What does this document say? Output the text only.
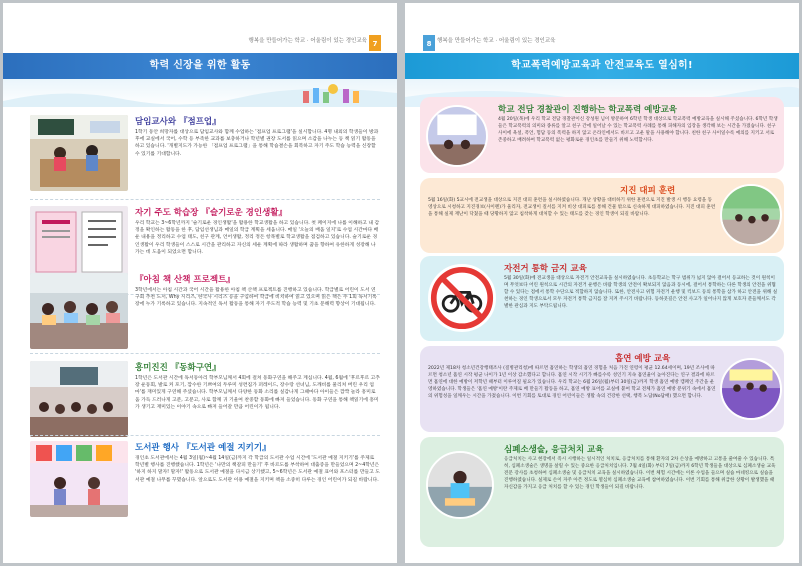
행복을 만들어가는 학교 · 어울림이 있는 경인교육 7
학력 신장을 위한 활동
담임교사와 『점프업』
1학기 동안 희망자를 대상으로 담임교사와 함께 수업하는 '점프업 프로그램'을 실시합니다. 4명 내외의 학생들이 방과 후에 교실에서 국어, 수학 등 부족한 교과를 보충하거나 학년별 권장 도서를 읽으며 소감을 나누는 등 책 읽기 활동을 하고 있습니다. '개별지도가 가능한 「점프업 프로그램」을 통해 학습결손을 회복하고 자기 주도 학습 능력을 신장할 수 있기를 기대합니다.
자기 주도 학습장 『슬기로운 경인생활』
우리 학교는 3~6학년까지 '슬기로운 경인생활'을 활용한 학교생활을 하고 있습니다. 첫 페이지에 나를 이해하고 내 감정을 확인하는 활동을 한 후, 담임선생님과 매일의 학급 계획을 세웁니다. 매일 '오늘의 배움 일지'로 수업 시간마다 배운 내용을 정리하고 수업 태도, 친구 관계, 언어생활, 정리 정돈 항목별로 학교생활을 점검하고 있습니다. 슬기로운 경인생활이 우리 학생들이 스스로 시간을 관리하고 자신의 세운 계획에 따라 생활하며 꿈을 향하여 유한하게 성장해 나가는 데 도움이 되었으면 합니다.
『아침 책 산책 프로젝트』
3학년에서는 아침 시간과 국어 시간을 활용한 아침 책 산책 프로젝트를 진행하고 있습니다. 학급별로 어린이 도서 연구회 추천 도서, Why 시리즈, 한국사 시리즈 등을 구입하여 학급에 비치하여 읽고 있으며 읽은 책은 주 1회 독서기록장에 누가 기록하고 있습니다. 지속적인 독서 활동을 통해 자기 주도적 학습 능력 및 기초 문해력 향상이 기대됩니다.
흥미진진 『동화구연』
1학년은 도서관 시간에 독서동아리 학부모님께서 4회에 걸쳐 동화구연을 해주고 계십니다. 4월, 6월에 '후르후르 고추장 운동회, 발로 커 포기, 깜수한 기쁘여의 두루미 성련집가 퍼레이드, 장수랑 선녀님, 도깨비를 물리쳐 버린 우리 업마'를 재미있게 구연해 주셨습니다. 학부모님께서 다양한 동화 소리를 실감나게 그때마다 아이들은 깜짝 놀라 흥미로움 가득 드러나게 고분, 고분고, 사로 함께 귀 기울여 찬중할 동화에 빠져 들었습니다. 동화 구연을 통해 책읽기에 흥미가 생기고 재미있는 이야기 속으로 빠져 들어갈 만큼 어린이가 됩니다.
도서관 행사 『도서관 예절 지키기』
경인초 도서관에서는 4월 3일(월)~4월 14일(금)까지 각 학급의 도서관 수업 시간에 '도서관 예절 지키기'를 주제로 학년별 행사를 진행했습니다. 1학년은 '나만의 책갈피 만들기' 후 바르도를 부착하여 대출증을 만들었으며 2~4학년은 '하지 하지 말자! 말자!' 활동으로 도서관 예절을 다시금 상기했고, 5~6학년은 도서관 예절 표어와 포스터를 만들고 도서관 예절 나무를 꾸몄습니다. 앞으로도 도서관 이용 예절을 지키며 책을 소중히 다루는 경인 어린이가 되길 바랍니다.
8	행복을 만들어가는 학교 · 어울림이 있는 경인교육
학교폭력예방교육과 안전교육도 열심히!
학교 전담 경찰관이 진행하는 학교폭력 예방교육
4월 20일(목)에 우리 학교 전담 경찰관이신 강성원 님이 방문하여 6학년 학생 대상으로 학교폭력 예방교육을 실시해 주셨습니다. 6학년 학생들은 학교폭력의 의미와 종류를 알고 친구 간에 일어날 수 있는 학교폭력 사례를 통해 피해자의 입장을 생각해 보는 시간을 가졌습니다. 친구 사이에 욕설, 폭언, 험담 등의 폭력을 하지 않고 온라인에서도 바르고 고운 말을 사용해야 합니다. 친한 친구 사이일수록 예의를 지키고 서로 존중하고 배려하여 학교폭력 없는 평화로운 경인초를 만들기 위해 노력합시다.
지진 대피 훈련
5월 16일(화) 5교시에 전교생을 대상으로 지진 대피 훈련을 실시하였습니다. 개난 상황을 대비하기 위한 훈련으로 지진 발생 시 행동 요령을 동영상으로 시청하고 지진경보(사이렌)가 울리자, 전교생이 질서를 지켜 비상 대피로를 통해 건물 밖으로 신속하게 대피하였습니다. 지진 대피 훈련을 통해 실제 재난이 닥쳤을 때 당황하지 않고 침착하게 대처할 수 있는 태도를 갖는 경인 학생이 되길 바랍니다.
자전거 통학 금지 교육
5월 30일(화)에 전교생을 대상으로 자전거 안전교육을 실시하였습니다. 초등학교는 학구 범위가 넓지 않아 걸어서 등교하는 것이 원칙이며 무엇보다 어린 원칙으로 시간의 자전거 운행은 바람 학생의 안전이 확보되지 않음과 동시에, 걸어서 통학하는 다른 학생의 안전을 위협할 수 있다는 점에서 통학 수단으로 적합하지 않습니다. 또한, 안전사고 위험 자전거 운행 및 킥보드 등의 통학을 삼가 하고 안전을 위해 실천하는 경인 학생으로서 모두 자전거 통학 금지를 잘 지켜 주시기 바랍니다. 등하굣길은 안전 사고가 일어나지 않게 보호자 분들께서도 각별한 관심과 지도 부탁드립니다.
흡연 예방 교육
2022년 제18차 청소년건강행태조사 (질병관리청)에 따르면 흡연하는 학생의 흡연 경험을 처음 가진 연령이 평균 12.64세이며, 19년 조사에 따르면 청소년 흡연 시작 평균 나이가 1년 이상 감소했다고 합니다. 흡연 시작 시기가 빠를수록 성인기 지속 흡연율이 높아진다는 연구 결과에 따르면 흡연에 대한 예방이 저학년 때부터 이루어질 필요가 있습니다. 우리 학교는 6월 26일(월)부터 30일(금)까지 학생 흡연 예방 캠페인 주간을 운영하였습니다. 학생들은 '흡연 예방'이란 주제로 배 만들기 활동을 하고, 흡연 예방 표어를 교실에 붙여 학교 전체가 흡연 예방 분위기 속에서 흡연의 위험성을 일깨우는 시간을 가졌습니다. 이번 기회를 토대로 경인 어린이들은 생활 속의 건강한 선택, 행복 노답(No답배) 했으면 합니다.
심폐소생술, 응급처치 교육
응급처치는 사고 현장에서 즉시 시행하는 일시적인 처치로, 응급처치를 통해 환자의 2차 손상을 예방하고 고통을 줄여줄 수 있습니다. 특히, 심폐소생술은 생명을 살릴 수 있는 중요한 응급처치입니다. 7월 4일(화) 부터 7일(금)까지 6학년 학생들을 대상으로 심폐소생술 교육 전문 강사를 초청하여 심폐소생술 및 응급처치 교육을 실시하였습니다. 이번 체험 시간에는 이론 수업을 들으며 실습 마네킹으로 실습을 진행하였습니다. 실제로 손이 자주 아픈 정도로 열심히 심폐소생술 교육에 참여하였습니다. 이번 기회를 통해 위급한 상황이 발생했을 때 자신감을 가지고 응급 처치를 할 수 있는 경인 학생들이 되길 바랍니다.
